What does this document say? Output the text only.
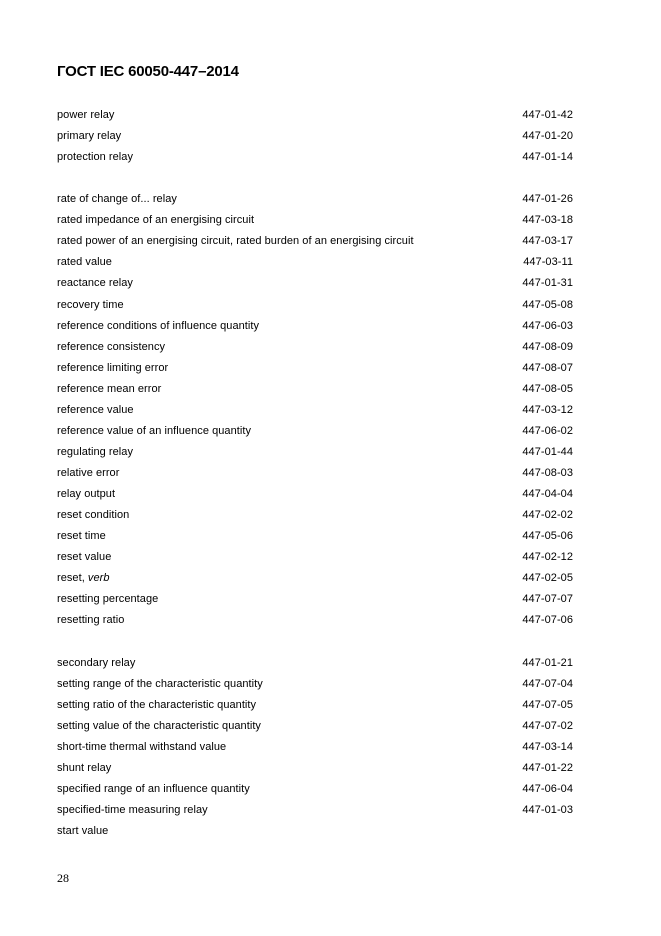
ГОСТ IEC 60050-447–2014
power relay	447-01-42
primary relay	447-01-20
protection relay	447-01-14
rate of change of... relay	447-01-26
rated impedance of an energising circuit	447-03-18
rated power of an energising circuit, rated burden of an energising circuit	447-03-17
rated value	447-03-11
reactance relay	447-01-31
recovery time	447-05-08
reference conditions of influence quantity	447-06-03
reference consistency	447-08-09
reference limiting error	447-08-07
reference mean error	447-08-05
reference value	447-03-12
reference value of an influence quantity	447-06-02
regulating relay	447-01-44
relative error	447-08-03
relay output	447-04-04
reset condition	447-02-02
reset time	447-05-06
reset value	447-02-12
reset, verb	447-02-05
resetting percentage	447-07-07
resetting ratio	447-07-06
secondary relay	447-01-21
setting range of the characteristic quantity	447-07-04
setting ratio of the characteristic quantity	447-07-05
setting value of the characteristic quantity	447-07-02
short-time thermal withstand value	447-03-14
shunt relay	447-01-22
specified range of an influence quantity	447-06-04
specified-time measuring relay	447-01-03
start value
28
